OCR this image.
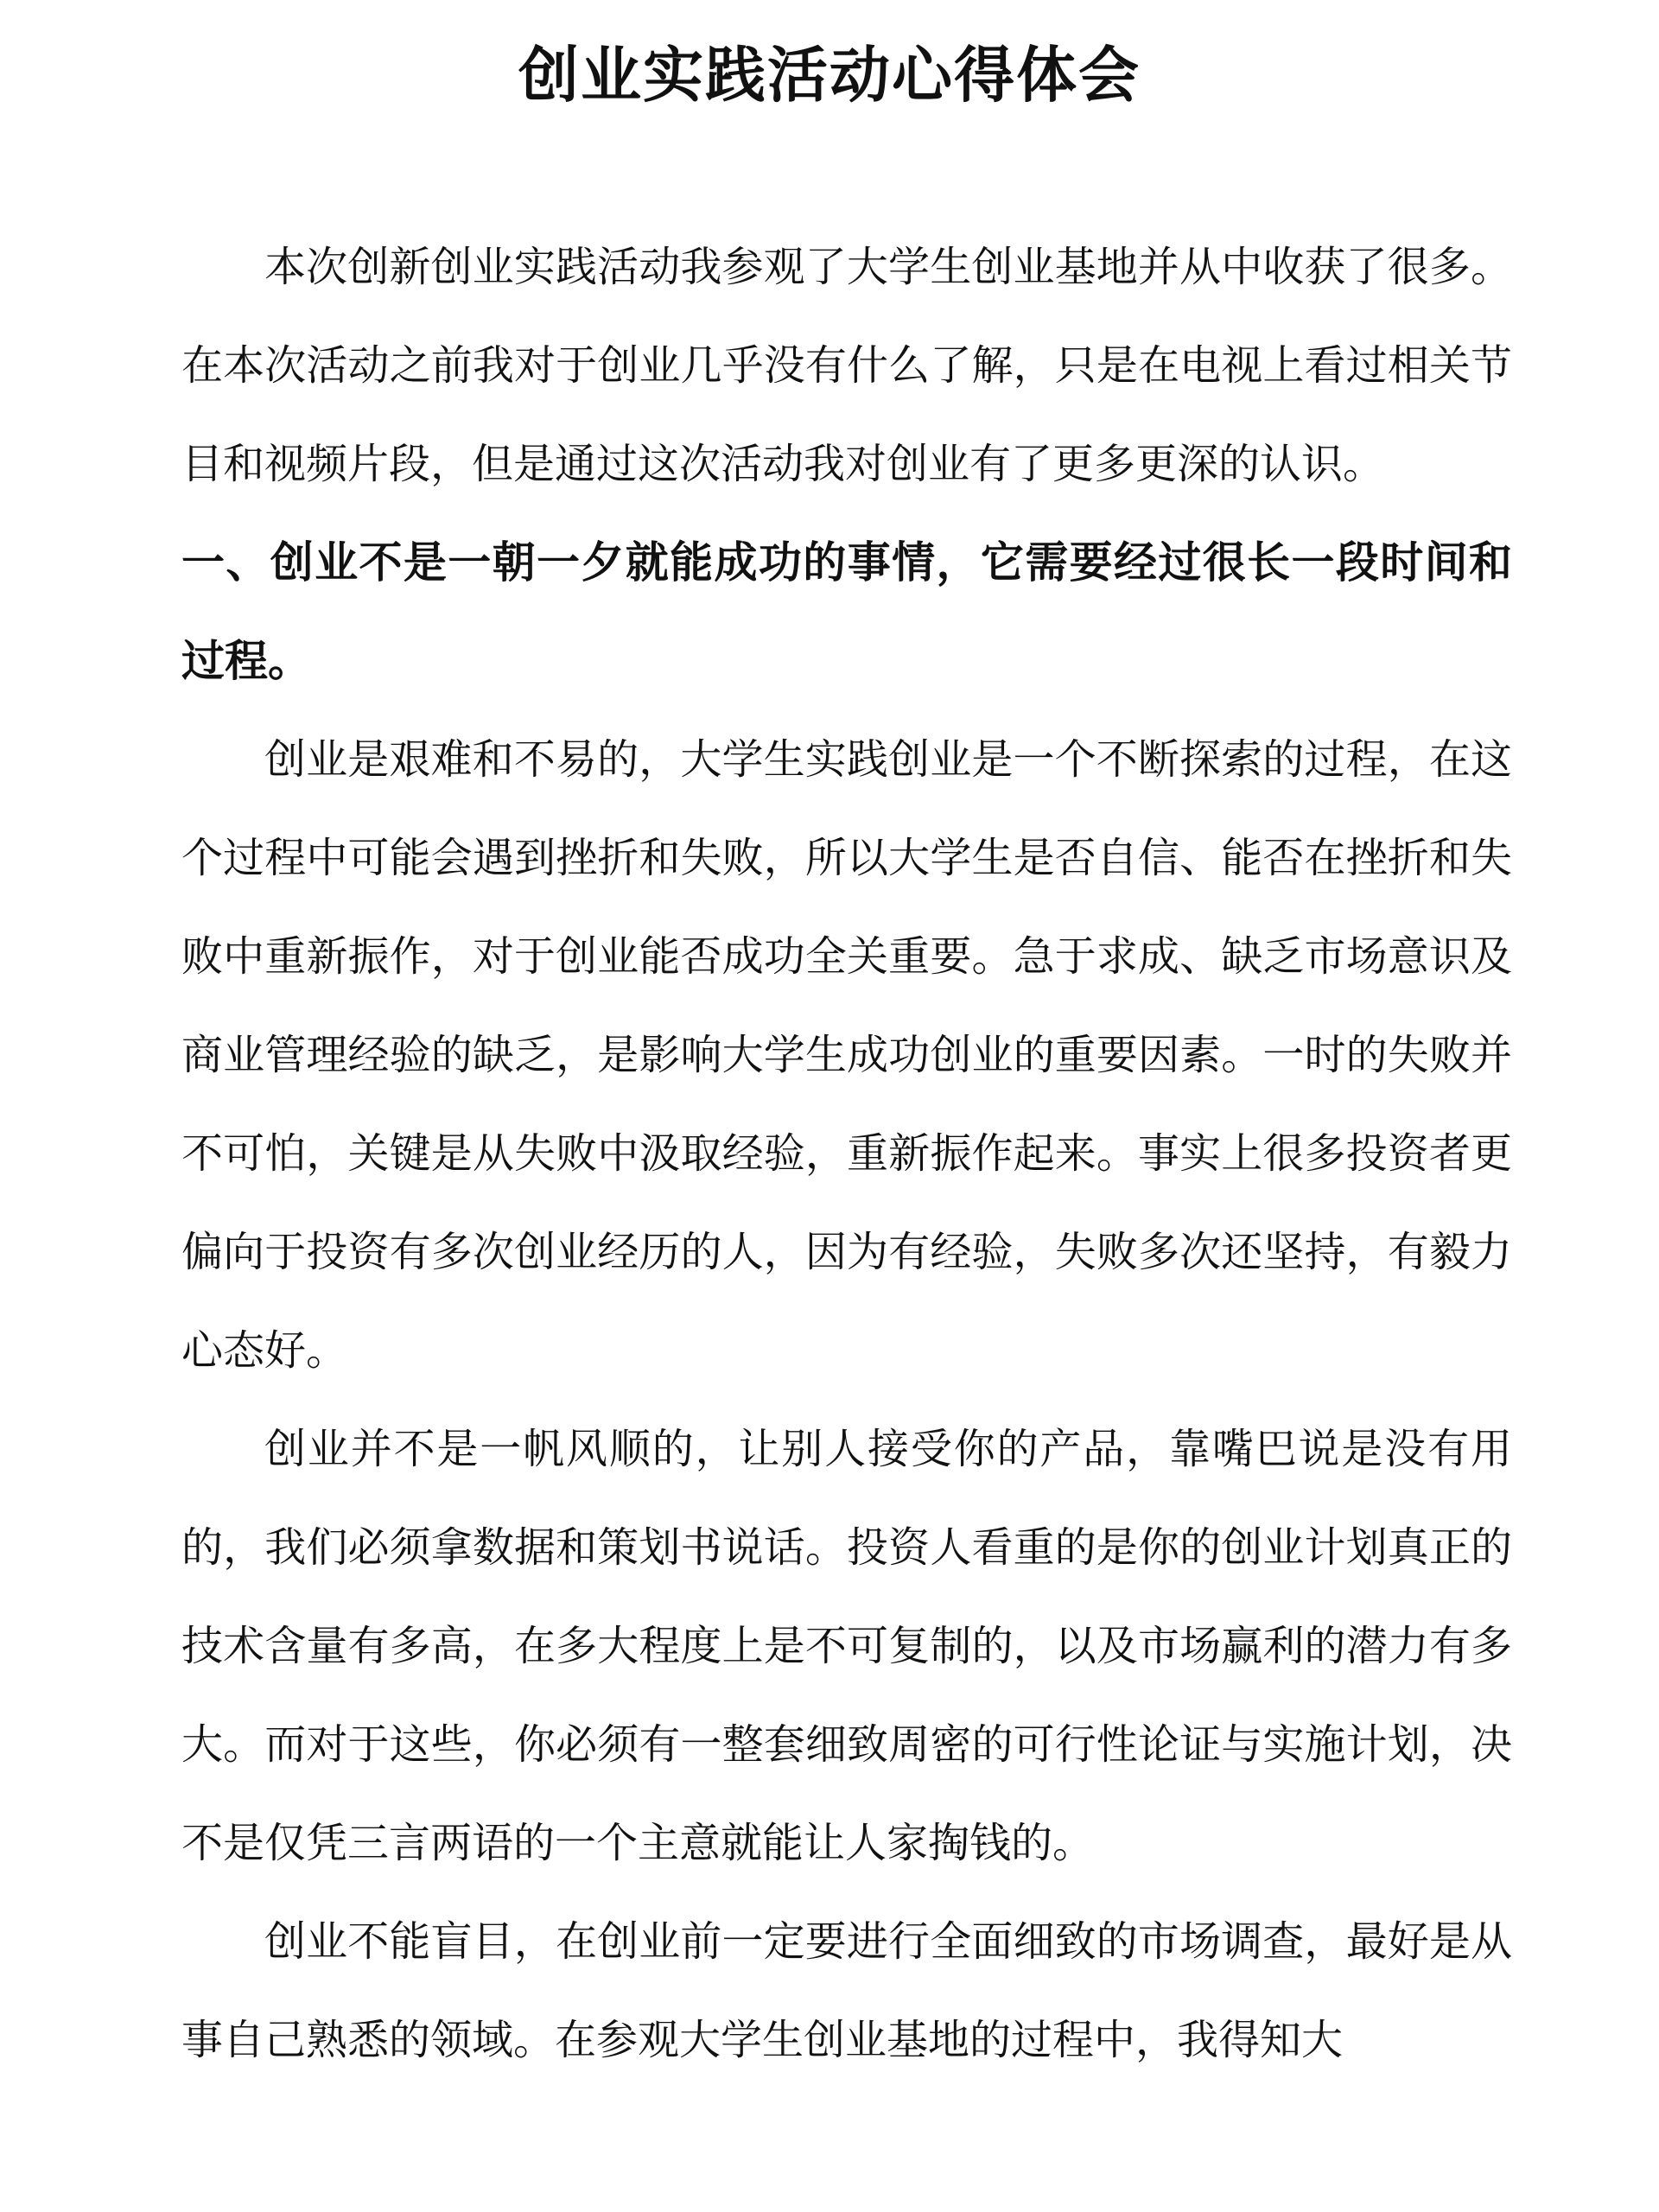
创业实践活动心得体会

本次创新创业实践活动我参观了大学生创业基地并从中收获了很多。在本次活动之前我对于创业几乎没有什么了解，只是在电视上看过相关节目和视频片段，但是通过这次活动我对创业有了更多更深的认识。

一、创业不是一朝一夕就能成功的事情，它需要经过很长一段时间和过程。

创业是艰难和不易的，大学生实践创业是一个不断探索的过程，在这个过程中可能会遇到挫折和失败，所以大学生是否自信、能否在挫折和失败中重新振作，对于创业能否成功全关重要。急于求成、缺乏市场意识及商业管理经验的缺乏，是影响大学生成功创业的重要因素。一时的失败并不可怕，关键是从失败中汲取经验，重新振作起来。事实上很多投资者更偏向于投资有多次创业经历的人，因为有经验，失败多次还坚持，有毅力心态好。

创业并不是一帆风顺的，让别人接受你的产品，靠嘴巴说是没有用的，我们必须拿数据和策划书说话。投资人看重的是你的创业计划真正的技术含量有多高，在多大程度上是不可复制的，以及市场赢利的潜力有多大。而对于这些，你必须有一整套细致周密的可行性论证与实施计划，决不是仅凭三言两语的一个主意就能让人家掏钱的。

创业不能盲目，在创业前一定要进行全面细致的市场调查，最好是从事自己熟悉的领域。在参观大学生创业基地的过程中，我得知大
